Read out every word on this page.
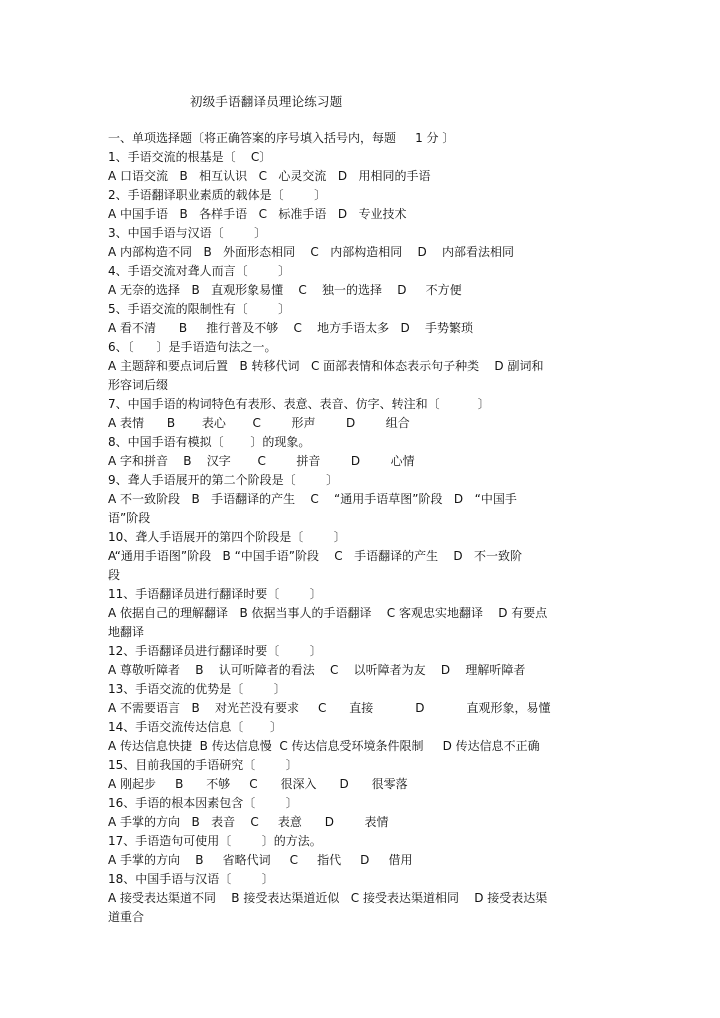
初级手语翻译员理论练习题
一、单项选择题〔将正确答案的序号填入括号内，每题     1 分 〕
1、手语交流的根基是〔    C〕
A 口语交流   B   相互认识   C   心灵交流   D   用相同的手语
2、手语翻译职业素质的载体是〔        〕
A 中国手语   B   各样手语   C   标准手语   D   专业技术
3、中国手语与汉语〔        〕
A 内部构造不同   B   外面形态相同    C   内部构造相同    D    内部看法相同
4、手语交流对聋人而言〔        〕
A 无奈的选择   B   直观形象易懂    C    独一的选择    D     不方便
5、手语交流的限制性有〔        〕
A 看不清      B     推行普及不够    C    地方手语太多   D    手势繁琐
6、〔      〕是手语造句法之一。
A 主题辞和要点词后置   B 转移代词   C 面部表情和体态表示句子种类    D 副词和
形容词后缀
7、中国手语的构词特色有表形、表意、表音、仿字、转注和〔          〕
A 表情      B       表心       C        形声        D        组合
8、中国手语有模拟〔       〕的现象。
A 字和拼音    B    汉字       C        拼音        D        心情
9、聋人手语展开的第二个阶段是〔        〕
A 不一致阶段   B   手语翻译的产生    C    “通用手语草图”阶段   D   “中国手
语”阶段
10、聋人手语展开的第四个阶段是〔        〕
A“通用手语图”阶段   B “中国手语”阶段    C   手语翻译的产生    D   不一致阶
段
11、手语翻译员进行翻译时要〔        〕
A 依据自己的理解翻译   B 依据当事人的手语翻译    C 客观忠实地翻译    D 有要点
地翻译
12、手语翻译员进行翻译时要〔        〕
A 尊敬听障者    B    认可听障者的看法    C    以听障者为友    D    理解听障者
13、手语交流的优势是〔        〕
A 不需要语言   B    对光芒没有要求     C      直接           D           直观形象，易懂
14、手语交流传达信息〔       〕
A 传达信息快捷  B 传达信息慢  C 传达信息受环境条件限制     D 传达信息不正确
15、目前我国的手语研究〔        〕
A 刚起步     B      不够     C      很深入      D      很零落
16、手语的根本因素包含〔        〕
A 手掌的方向   B   表音    C     表意      D        表情
17、手语造句可使用〔        〕的方法。
A 手掌的方向    B     省略代词     C     指代     D     借用
18、中国手语与汉语〔        〕
A 接受表达渠道不同    B 接受表达渠道近似   C 接受表达渠道相同    D 接受表达渠
道重合
